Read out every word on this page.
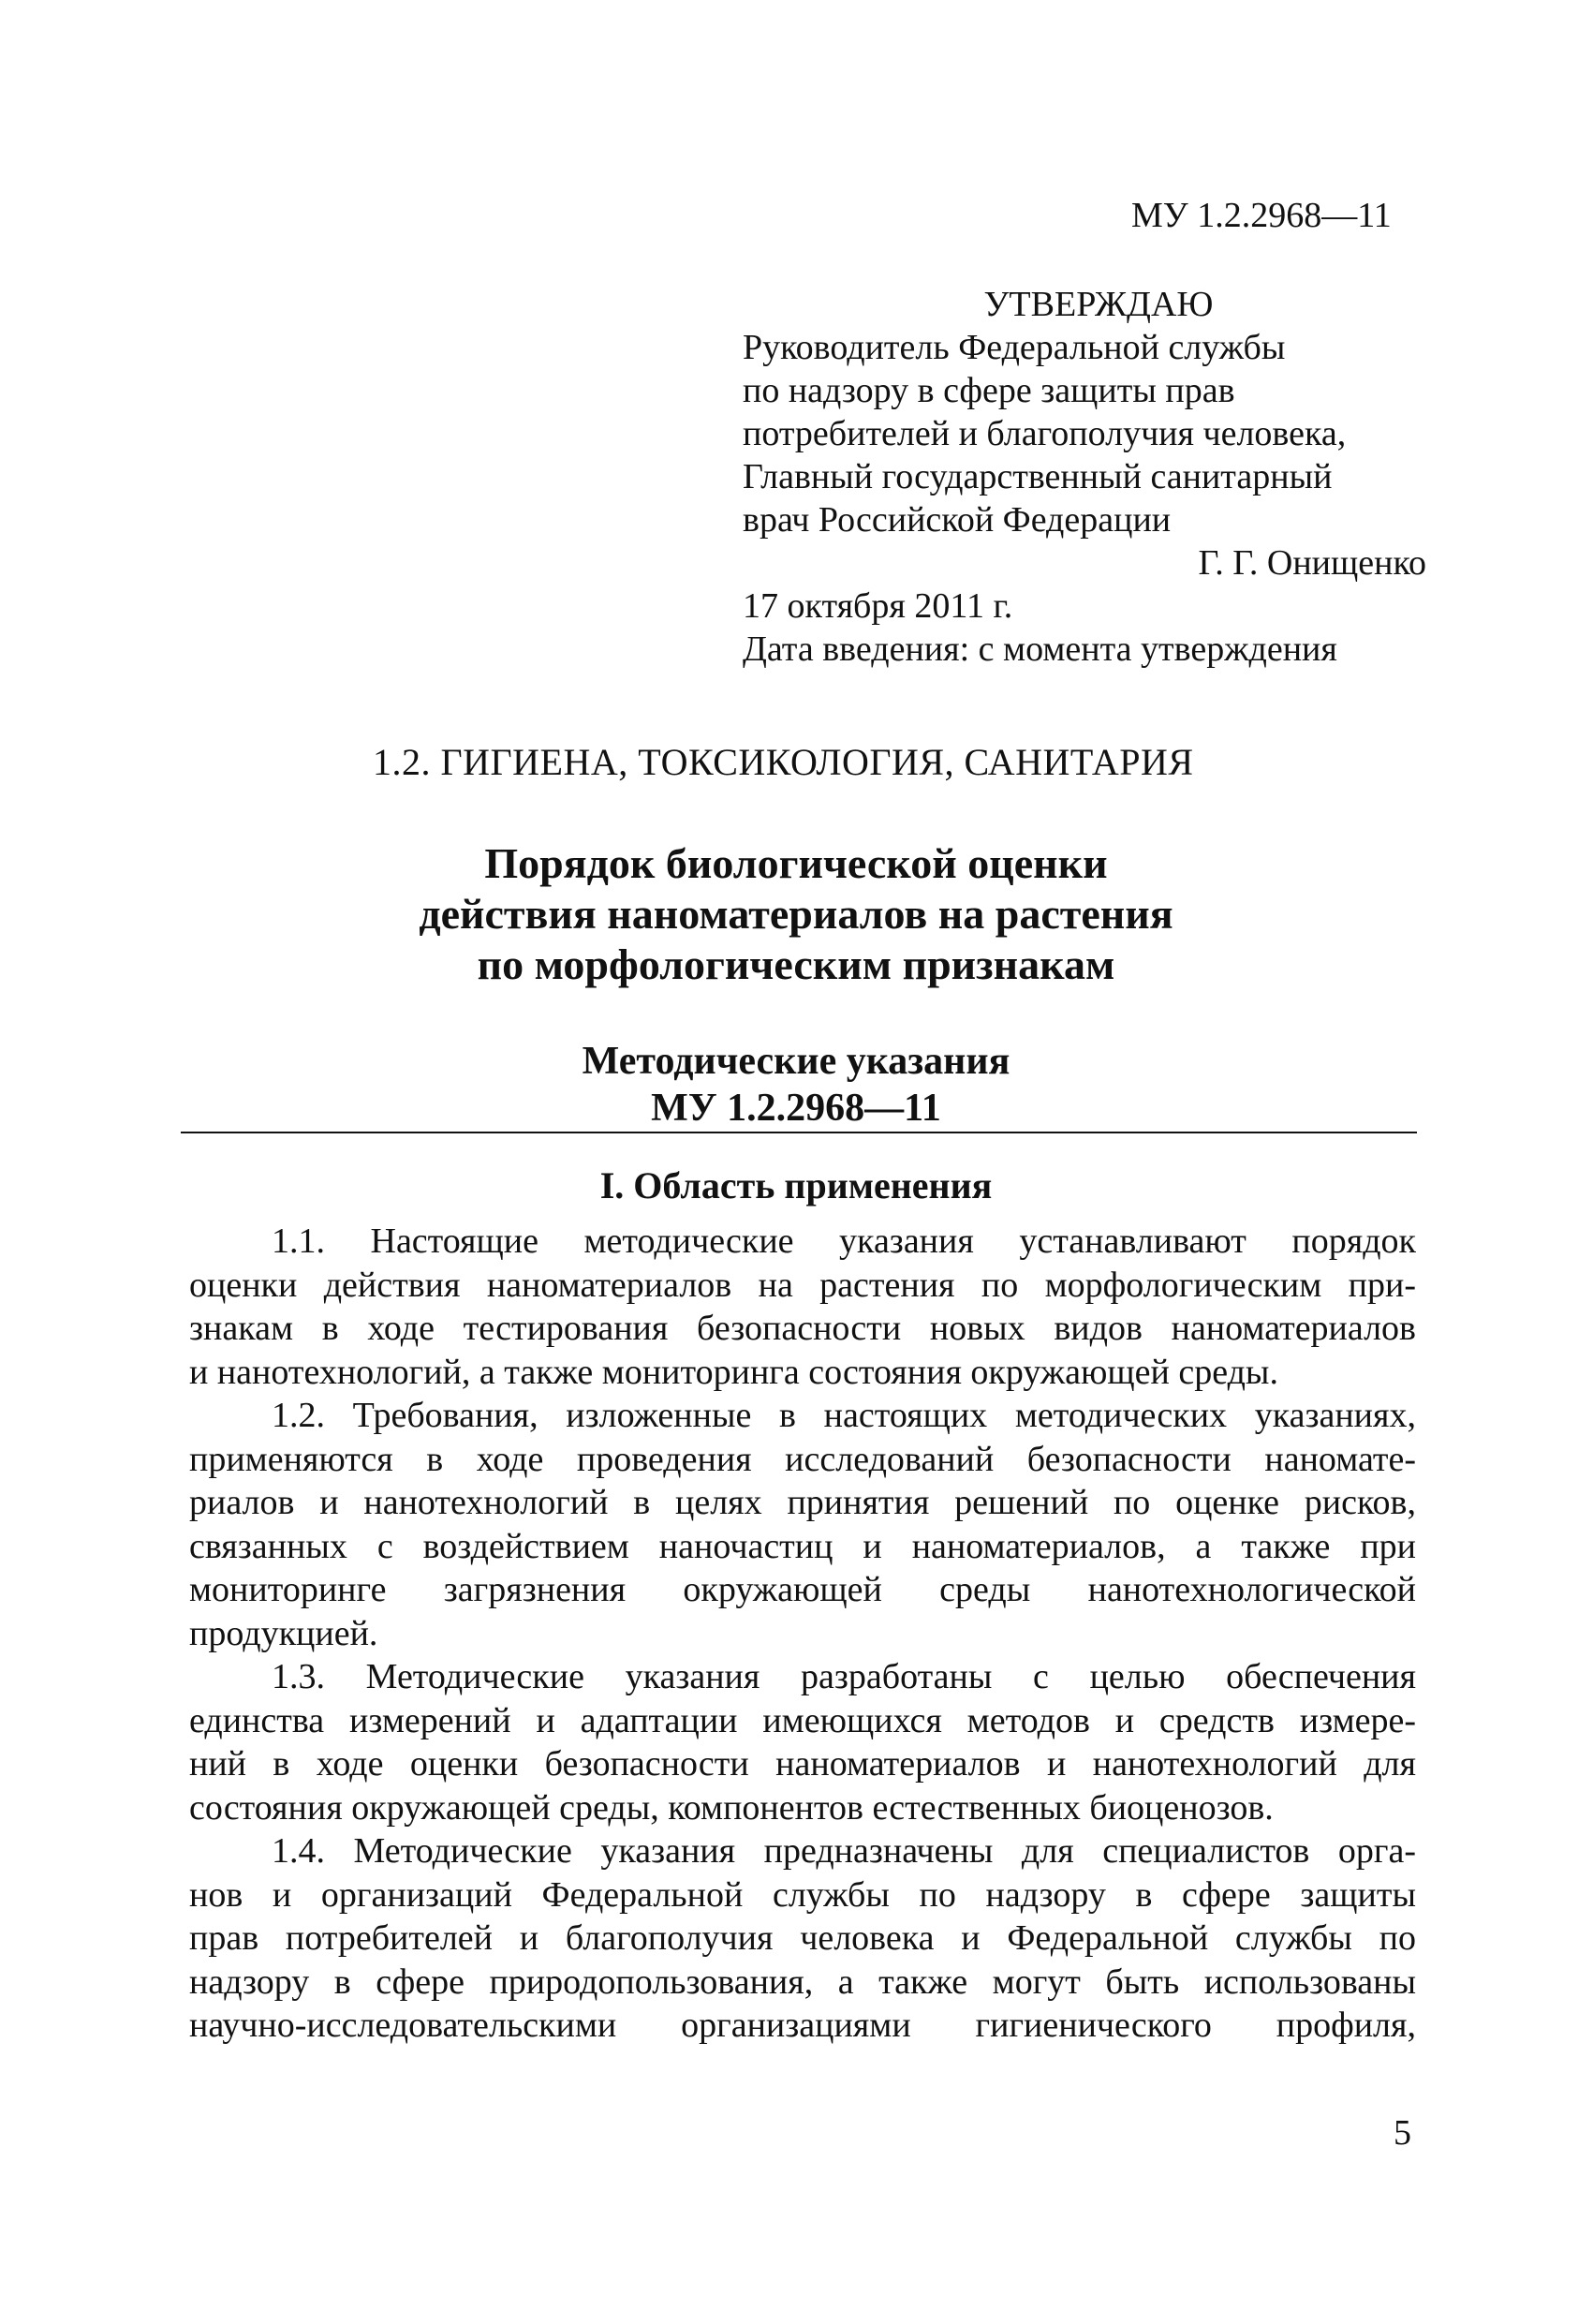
МУ 1.2.2968—11
УТВЕРЖДАЮ
Руководитель Федеральной службы
по надзору в сфере защиты прав
потребителей и благополучия человека,
Главный государственный санитарный
врач Российской Федерации
Г. Г. Онищенко
17 октября 2011 г.
Дата введения: с момента утверждения
1.2. ГИГИЕНА, ТОКСИКОЛОГИЯ, САНИТАРИЯ
Порядок биологической оценки
действия наноматериалов на растения
по морфологическим признакам
Методические указания
МУ 1.2.2968—11
I. Область применения

1.1. Настоящие методические указания устанавливают порядок
оценки действия наноматериалов на растения по морфологическим при-
знакам в ходе тестирования безопасности новых видов наноматериалов
и нанотехнологий, а также мониторинга состояния окружающей среды.

1.2. Требования, изложенные в настоящих методических указаниях,
применяются в ходе проведения исследований безопасности наномате-
риалов и нанотехнологий в целях принятия решений по оценке рисков,
связанных с воздействием наночастиц и наноматериалов, а также при
мониторинге загрязнения окружающей среды нанотехнологической
продукцией.

1.3. Методические указания разработаны с целью обеспечения
единства измерений и адаптации имеющихся методов и средств измере-
ний в ходе оценки безопасности наноматериалов и нанотехнологий для
состояния окружающей среды, компонентов естественных биоценозов.

1.4. Методические указания предназначены для специалистов орга-
нов и организаций Федеральной службы по надзору в сфере защиты
прав потребителей и благополучия человека и Федеральной службы по
надзору в сфере природопользования, а также могут быть использованы
научно-исследовательскими организациями гигиенического профиля,

5
